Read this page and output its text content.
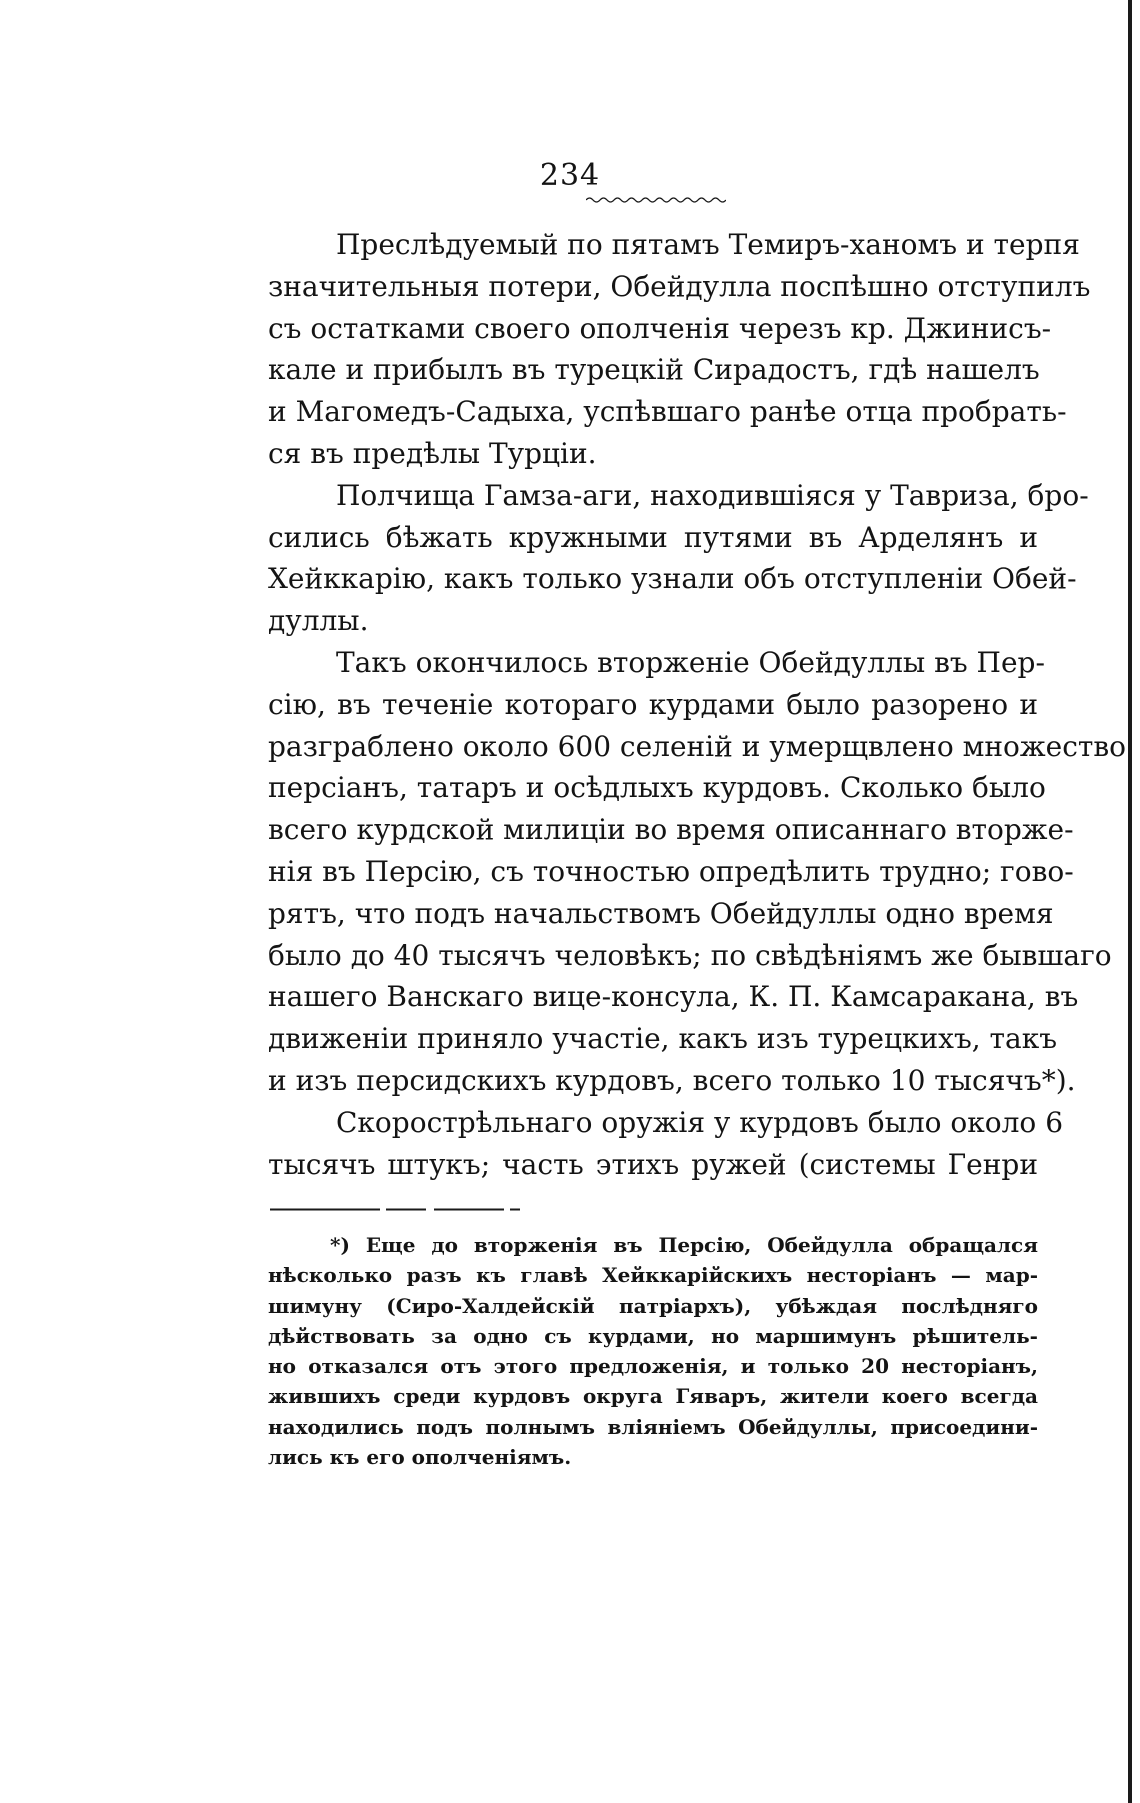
234
Преслѣдуемый по пятамъ Темиръ-ханомъ и терпя
значительныя потери, Обейдулла поспѣшно отступилъ
съ остатками своего ополченія черезъ кр. Джинисъ-
кале и прибылъ въ турецкій Сирадостъ, гдѣ нашелъ
и Магомедъ-Садыха, успѣвшаго ранѣе отца пробрать-
ся въ предѣлы Турціи.
Полчища Гамза-аги, находившіяся у Тавриза, бро-
сились бѣжать кружными путями въ Арделянъ и
Хейккарію, какъ только узнали объ отступленіи Обей-
дуллы.
Такъ окончилось вторженіе Обейдуллы въ Пер-
сію, въ теченіе котораго курдами было разорено и
разграблено около 600 селеній и умерщвлено множество
персіанъ, татаръ и осѣдлыхъ курдовъ. Сколько было
всего курдской милиціи во время описаннаго вторже-
нія въ Персію, съ точностью опредѣлить трудно; гово-
рятъ, что подъ начальствомъ Обейдуллы одно время
было до 40 тысячъ человѣкъ; по свѣдѣніямъ же бывшаго
нашего Ванскаго вице-консула, К. П. Камсаракана, въ
движеніи приняло участіе, какъ изъ турецкихъ, такъ
и изъ персидскихъ курдовъ, всего только 10 тысячъ*).
Скорострѣльнаго оружія у курдовъ было около 6
тысячъ штукъ; часть этихъ ружей (системы Генри
*) Еще до вторженія въ Персію, Обейдулла обращался
нѣсколько разъ къ главѣ Хейккарійскихъ несторіанъ — мар-
шимуну (Сиро-Халдейскій патріархъ), убѣждая послѣдняго
дѣйствовать за одно съ курдами, но маршимунъ рѣшитель-
но отказался отъ этого предложенія, и только 20 несторіанъ,
жившихъ среди курдовъ округа Гяваръ, жители коего всегда
находились подъ полнымъ вліяніемъ Обейдуллы, присоедини-
лись къ его ополченіямъ.
